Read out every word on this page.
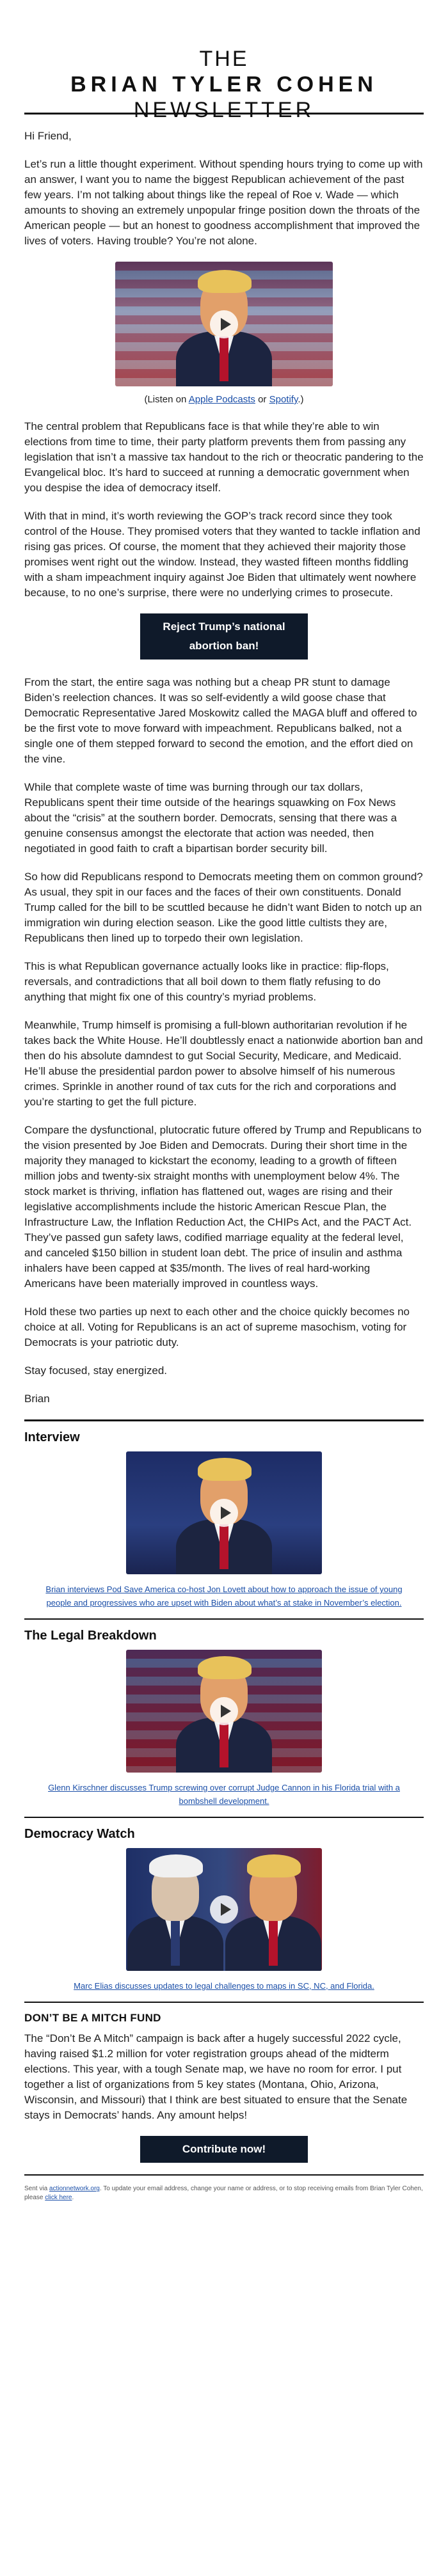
THE
BRIAN TYLER COHEN
NEWSLETTER

Hi Friend,

Let’s run a little thought experiment. Without spending hours trying to come up with an answer, I want you to name the biggest Republican achievement of the past few years. I’m not talking about things like the repeal of Roe v. Wade — which amounts to shoving an extremely unpopular fringe position down the throats of the American people — but an honest to goodness accomplishment that improved the lives of voters. Having trouble? You’re not alone.

(Listen on Apple Podcasts or Spotify.)

The central problem that Republicans face is that while they’re able to win elections from time to time, their party platform prevents them from passing any legislation that isn’t a massive tax handout to the rich or theocratic pandering to the Evangelical bloc. It’s hard to succeed at running a democratic government when you despise the idea of democracy itself.

With that in mind, it’s worth reviewing the GOP’s track record since they took control of the House. They promised voters that they wanted to tackle inflation and rising gas prices. Of course, the moment that they achieved their majority those promises went right out the window. Instead, they wasted fifteen months fiddling with a sham impeachment inquiry against Joe Biden that ultimately went nowhere because, to no one’s surprise, there were no underlying crimes to prosecute.

Reject Trump’s national abortion ban!

From the start, the entire saga was nothing but a cheap PR stunt to damage Biden’s reelection chances. It was so self-evidently a wild goose chase that Democratic Representative Jared Moskowitz called the MAGA bluff and offered to be the first vote to move forward with impeachment. Republicans balked, not a single one of them stepped forward to second the emotion, and the effort died on the vine.

While that complete waste of time was burning through our tax dollars, Republicans spent their time outside of the hearings squawking on Fox News about the “crisis” at the southern border. Democrats, sensing that there was a genuine consensus amongst the electorate that action was needed, then negotiated in good faith to craft a bipartisan border security bill.

So how did Republicans respond to Democrats meeting them on common ground? As usual, they spit in our faces and the faces of their own constituents. Donald Trump called for the bill to be scuttled because he didn’t want Biden to notch up an immigration win during election season. Like the good little cultists they are, Republicans then lined up to torpedo their own legislation.

This is what Republican governance actually looks like in practice: flip-flops, reversals, and contradictions that all boil down to them flatly refusing to do anything that might fix one of this country’s myriad problems.

Meanwhile, Trump himself is promising a full-blown authoritarian revolution if he takes back the White House. He’ll doubtlessly enact a nationwide abortion ban and then do his absolute damndest to gut Social Security, Medicare, and Medicaid. He’ll abuse the presidential pardon power to absolve himself of his numerous crimes. Sprinkle in another round of tax cuts for the rich and corporations and you’re starting to get the full picture.

Compare the dysfunctional, plutocratic future offered by Trump and Republicans to the vision presented by Joe Biden and Democrats. During their short time in the majority they managed to kickstart the economy, leading to a growth of fifteen million jobs and twenty-six straight months with unemployment below 4%. The stock market is thriving, inflation has flattened out, wages are rising and their legislative accomplishments include the historic American Rescue Plan, the Infrastructure Law, the Inflation Reduction Act, the CHIPs Act, and the PACT Act. They’ve passed gun safety laws, codified marriage equality at the federal level, and canceled $150 billion in student loan debt. The price of insulin and asthma inhalers have been capped at $35/month. The lives of real hard-working Americans have been materially improved in countless ways.

Hold these two parties up next to each other and the choice quickly becomes no choice at all. Voting for Republicans is an act of supreme masochism, voting for Democrats is your patriotic duty.

Stay focused, stay energized.

Brian

Interview
Brian interviews Pod Save America co-host Jon Lovett about how to approach the issue of young people and progressives who are upset with Biden about what’s at stake in November’s election.
The Legal Breakdown
Glenn Kirschner discusses Trump screwing over corrupt Judge Cannon in his Florida trial with a bombshell development.
Democracy Watch
Marc Elias discusses updates to legal challenges to maps in SC, NC, and Florida.
DON’T BE A MITCH FUND

The “Don’t Be A Mitch” campaign is back after a hugely successful 2022 cycle, having raised $1.2 million for voter registration groups ahead of the midterm elections. This year, with a tough Senate map, we have no room for error. I put together a list of organizations from 5 key states (Montana, Ohio, Arizona, Wisconsin, and Missouri) that I think are best situated to ensure that the Senate stays in Democrats’ hands. Any amount helps!

Contribute now!
Sent via actionnetwork.org. To update your email address, change your name or address, or to stop receiving emails from Brian Tyler Cohen, please click here.
